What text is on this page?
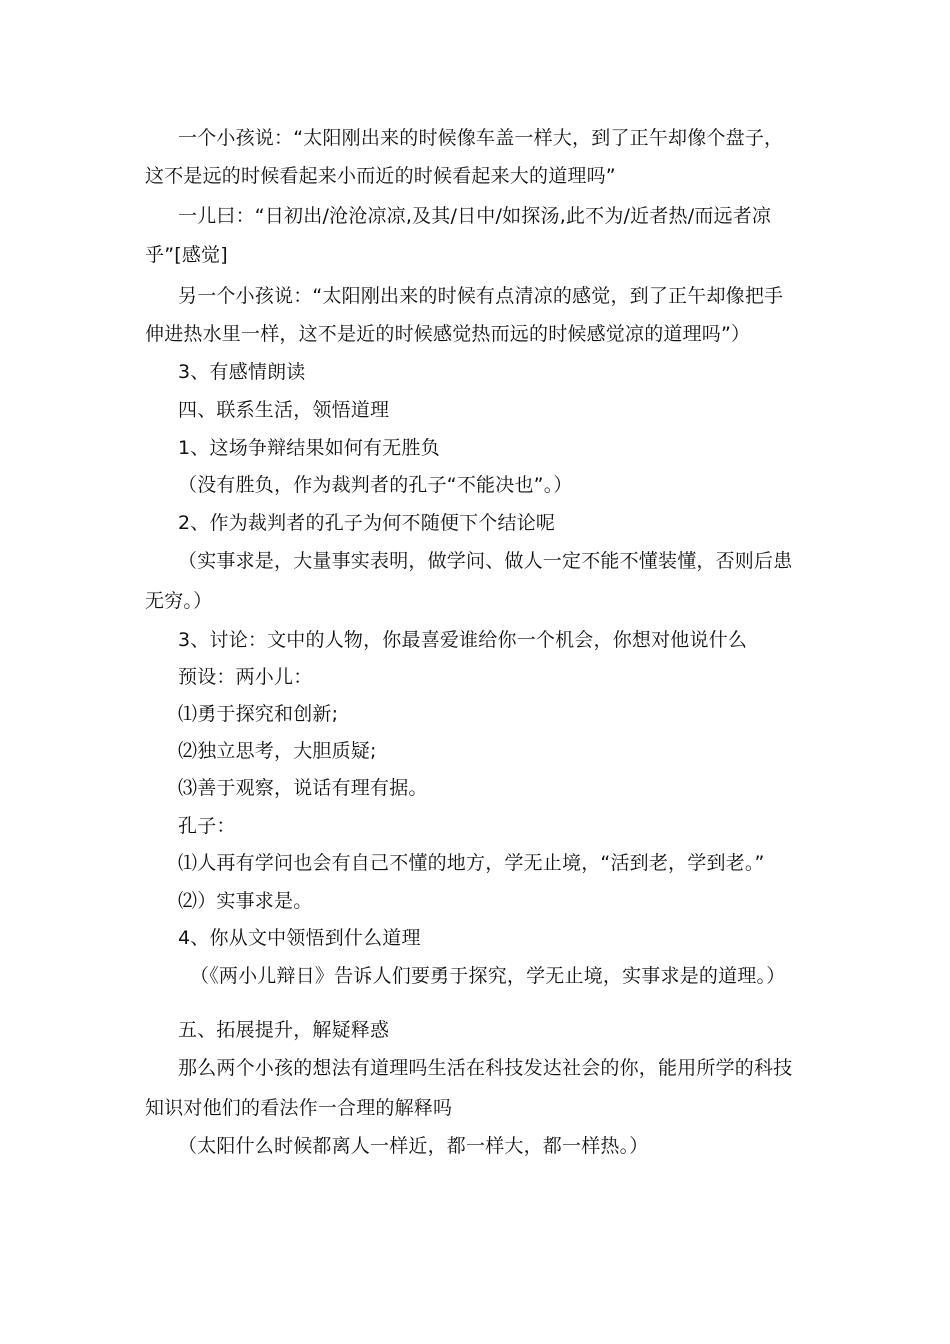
一个小孩说：“太阳刚出来的时候像车盖一样大，到了正午却像个盘子，
这不是远的时候看起来小而近的时候看起来大的道理吗”
一儿曰：“日初出/沧沧凉凉,及其/日中/如探汤,此不为/近者热/而远者凉
乎”[感觉]
另一个小孩说：“太阳刚出来的时候有点清凉的感觉，到了正午却像把手
伸进热水里一样，这不是近的时候感觉热而远的时候感觉凉的道理吗”）
3、有感情朗读
四、联系生活，领悟道理
1、这场争辩结果如何有无胜负
（没有胜负，作为裁判者的孔子“不能决也”。）
2、作为裁判者的孔子为何不随便下个结论呢
（实事求是，大量事实表明，做学问、做人一定不能不懂装懂，否则后患
无穷。）
3、讨论：文中的人物，你最喜爱谁给你一个机会，你想对他说什么
预设：两小儿：
⑴勇于探究和创新;
⑵独立思考，大胆质疑;
⑶善于观察，说话有理有据。
孔子：
⑴人再有学问也会有自己不懂的地方，学无止境，“活到老，学到老。”
⑵）实事求是。
4、你从文中领悟到什么道理
（《两小儿辩日》告诉人们要勇于探究，学无止境，实事求是的道理。）
五、拓展提升，解疑释惑
那么两个小孩的想法有道理吗生活在科技发达社会的你，能用所学的科技
知识对他们的看法作一合理的解释吗
（太阳什么时候都离人一样近，都一样大，都一样热。）
